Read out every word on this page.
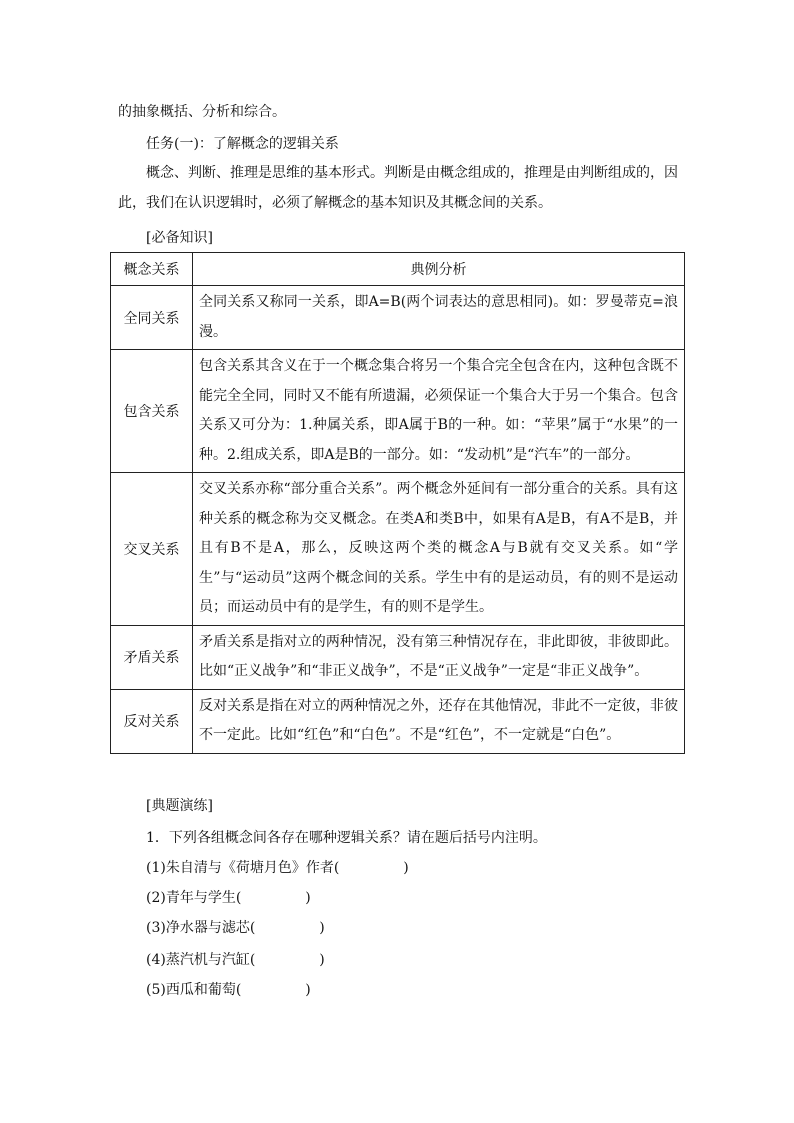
的抽象概括、分析和综合。
任务(一)：了解概念的逻辑关系
概念、判断、推理是思维的基本形式。判断是由概念组成的，推理是由判断组成的，因此，我们在认识逻辑时，必须了解概念的基本知识及其概念间的关系。
[必备知识]
概念关系	典例分析
全同关系	全同关系又称同一关系，即A=B(两个词表达的意思相同)。如：罗曼蒂克=浪漫。
包含关系	包含关系其含义在于一个概念集合将另一个集合完全包含在内，这种包含既不能完全全同，同时又不能有所遗漏，必须保证一个集合大于另一个集合。包含关系又可分为：1.种属关系，即A属于B的一种。如：“苹果”属于“水果”的一种。2.组成关系，即A是B的一部分。如：“发动机”是“汽车”的一部分。
交叉关系	交叉关系亦称“部分重合关系”。两个概念外延间有一部分重合的关系。具有这种关系的概念称为交叉概念。在类A和类B中，如果有A是B，有A不是B，并且有B不是A，那么，反映这两个类的概念A与B就有交叉关系。如“学生”与“运动员”这两个概念间的关系。学生中有的是运动员，有的则不是运动员；而运动员中有的是学生，有的则不是学生。
矛盾关系	矛盾关系是指对立的两种情况，没有第三种情况存在，非此即彼，非彼即此。比如“正义战争”和“非正义战争”，不是“正义战争”一定是“非正义战争”。
反对关系	反对关系是指在对立的两种情况之外，还存在其他情况，非此不一定彼，非彼不一定此。比如“红色”和“白色”。不是“红色”，不一定就是“白色”。
[典题演练]
1．下列各组概念间各存在哪种逻辑关系？请在题后括号内注明。
(1)朱自清与《荷塘月色》作者(	)
(2)青年与学生(	)
(3)净水器与滤芯(	)
(4)蒸汽机与汽缸(	)
(5)西瓜和葡萄(	)
